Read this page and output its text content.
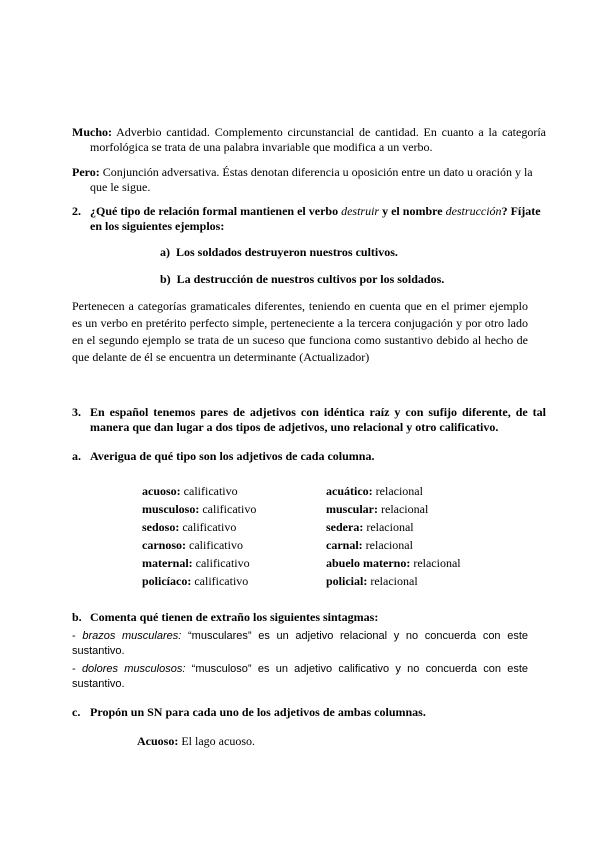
Mucho: Adverbio cantidad. Complemento circunstancial de cantidad. En cuanto a la categoría morfológica se trata de una palabra invariable que modifica a un verbo.
Pero: Conjunción adversativa. Éstas denotan diferencia u oposición entre un dato u oración y la que le sigue.
2. ¿Qué tipo de relación formal mantienen el verbo destruir y el nombre destrucción? Fíjate en los siguientes ejemplos:
a) Los soldados destruyeron nuestros cultivos.
b) La destrucción de nuestros cultivos por los soldados.
Pertenecen a categorías gramaticales diferentes, teniendo en cuenta que en el primer ejemplo es un verbo en pretérito perfecto simple, perteneciente a la tercera conjugación y por otro lado en el segundo ejemplo se trata de un suceso que funciona como sustantivo debido al hecho de que delante de él se encuentra un determinante (Actualizador)
3. En español tenemos pares de adjetivos con idéntica raíz y con sufijo diferente, de tal manera que dan lugar a dos tipos de adjetivos, uno relacional y otro calificativo.
a. Averigua de qué tipo son los adjetivos de cada columna.
acuoso: calificativo	acuático: relacional
musculoso: calificativo	muscular: relacional
sedoso: calificativo	sedera: relacional
carnoso: calificativo	carnal: relacional
maternal: calificativo	abuelo materno: relacional
policíaco: calificativo	policial: relacional
b. Comenta qué tienen de extraño los siguientes sintagmas:
- brazos musculares: “musculares” es un adjetivo relacional y no concuerda con este sustantivo.
- dolores musculosos: “musculoso” es un adjetivo calificativo y no concuerda con este sustantivo.
c. Propón un SN para cada uno de los adjetivos de ambas columnas.
Acuoso: El lago acuoso.
